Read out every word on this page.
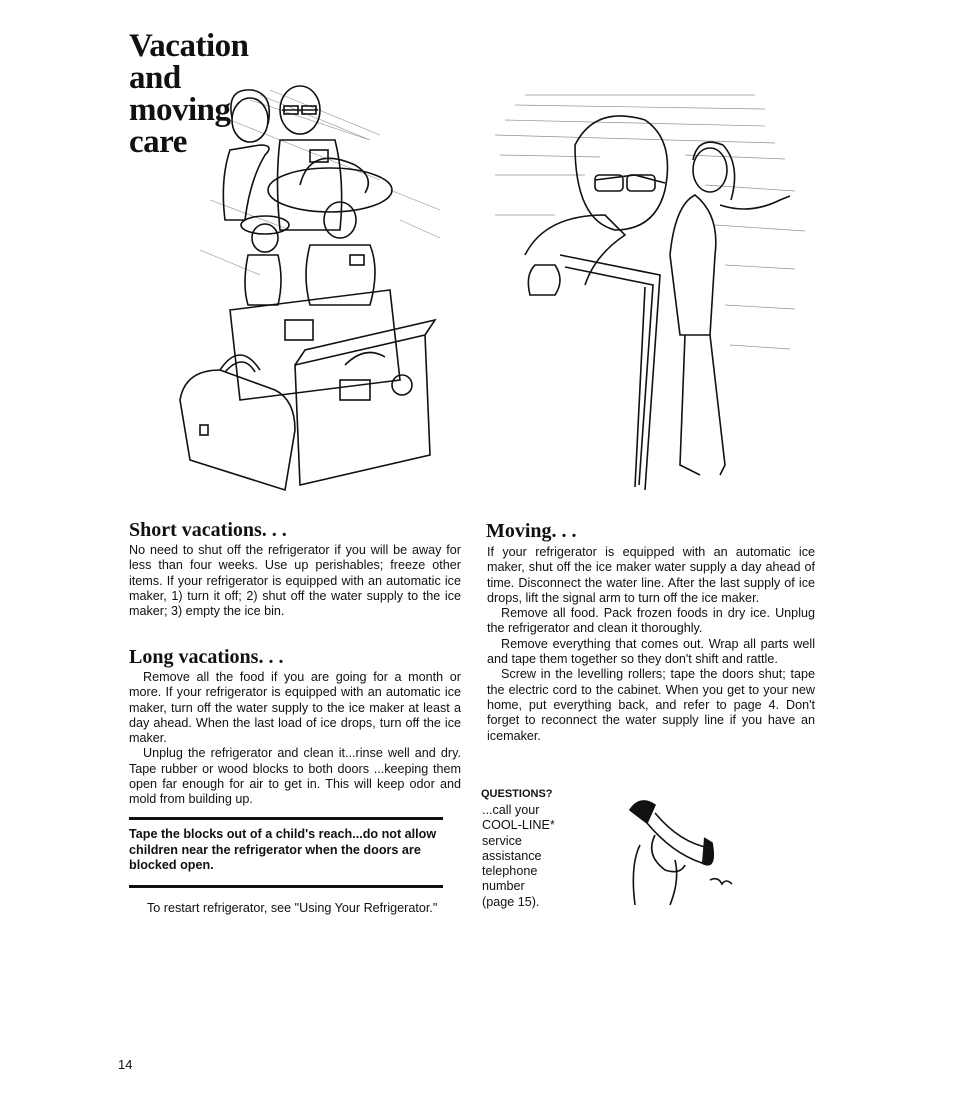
Vacation
and
moving
care
Short vacations. . .

No need to shut off the refrigerator if you will be away for less than four weeks. Use up perishables; freeze other items. If your refrigerator is equipped with an automatic ice maker, 1) turn it off; 2) shut off the water supply to the ice maker; 3) empty the ice bin.

Long vacations. . .

Remove all the food if you are going for a month or more. If your refrigerator is equipped with an automatic ice maker, turn off the water supply to the ice maker at least a day ahead. When the last load of ice drops, turn off the ice maker.

Unplug the refrigerator and clean it...rinse well and dry. Tape rubber or wood blocks to both doors ...keeping them open far enough for air to get in. This will keep odor and mold from building up.

Tape the blocks out of a child's reach...do not allow children near the refrigerator when the doors are blocked open.
To restart refrigerator, see "Using Your Refrigerator."
Moving. . .

If your refrigerator is equipped with an automatic ice maker, shut off the ice maker water supply a day ahead of time. Disconnect the water line. After the last supply of ice drops, lift the signal arm to turn off the ice maker.

Remove all food. Pack frozen foods in dry ice. Unplug the refrigerator and clean it thoroughly.

Remove everything that comes out. Wrap all parts well and tape them together so they don't shift and rattle.

Screw in the levelling rollers; tape the doors shut; tape the electric cord to the cabinet. When you get to your new home, put everything back, and refer to page 4. Don't forget to reconnect the water supply line if you have an icemaker.

QUESTIONS?
...call your
COOL-LINE*
service
assistance
telephone
number
(page 15).
14
